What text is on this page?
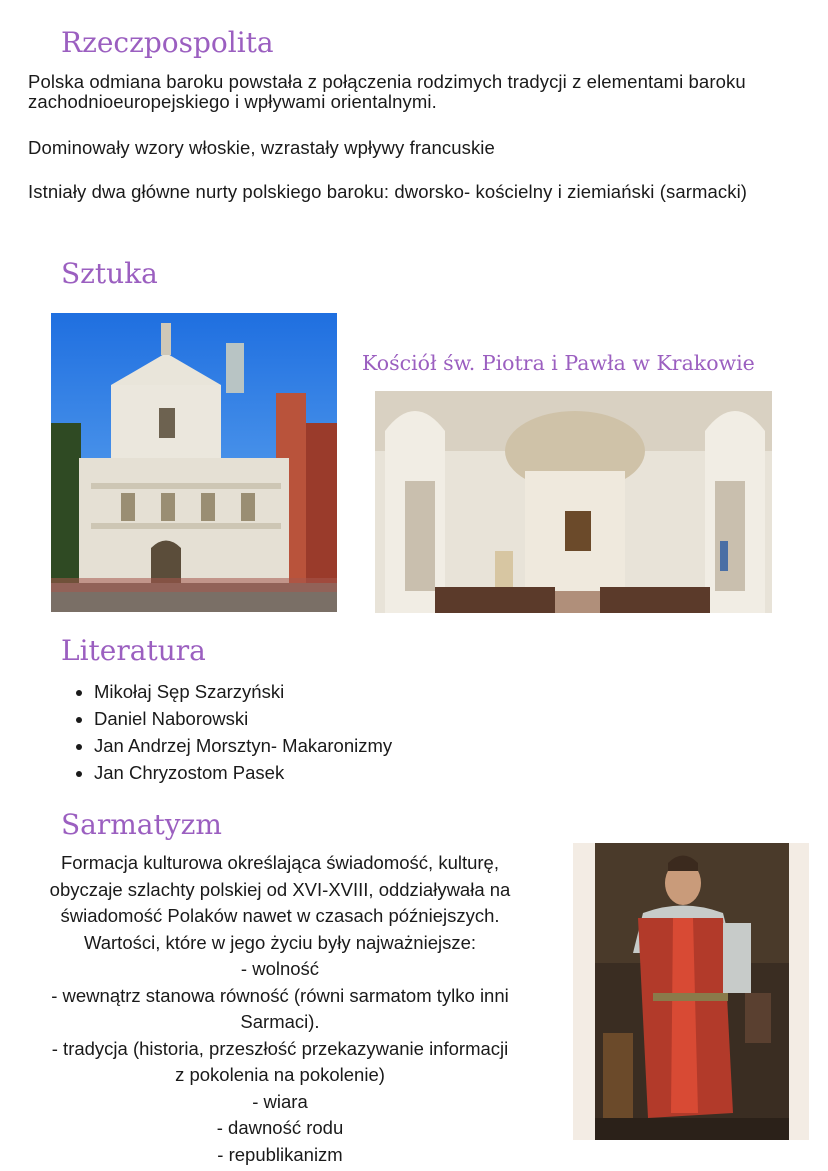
Rzeczpospolita

Polska odmiana baroku powstała z połączenia rodzimych tradycji z elementami baroku zachodnioeuropejskiego i wpływami orientalnymi.

Dominowały wzory włoskie, wzrastały wpływy francuskie

Istniały dwa główne nurty polskiego baroku: dworsko- kościelny i ziemiański (sarmacki)

Sztuka

Kościół św. Piotra i Pawła w Krakowie

Literatura
• Mikołaj Sęp Szarzyński
• Daniel Naborowski
• Jan Andrzej Morsztyn- Makaronizmy
• Jan Chryzostom Pasek
Sarmatyzm
Formacja kulturowa określająca świadomość, kulturę,
obyczaje szlachty polskiej od XVI-XVIII, oddziaływała na
świadomość Polaków nawet w czasach późniejszych.
Wartości, które w jego życiu były najważniejsze:
- wolność
- wewnątrz stanowa równość (równi sarmatom tylko inni
Sarmaci).
- tradycja (historia, przeszłość przekazywanie informacji
z pokolenia na pokolenie)
- wiara
- dawność rodu
- republikanizm
